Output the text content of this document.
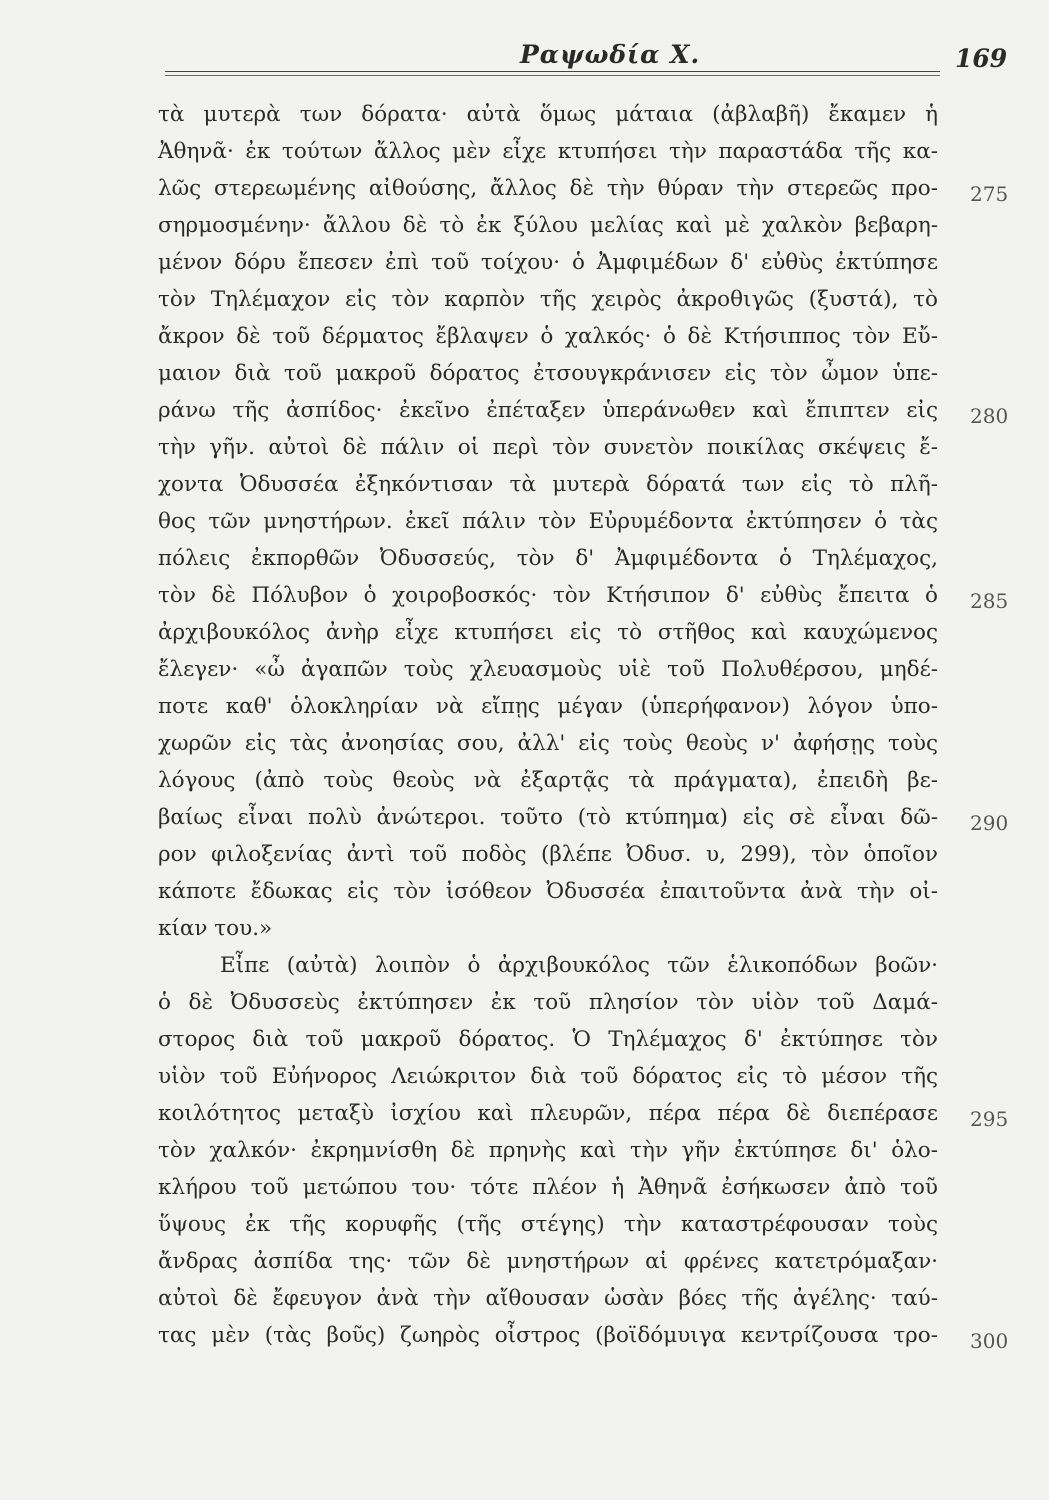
Ραψωδία Χ.	169
τὰ μυτερὰ των δόρατα· αὐτὰ ὅμως μάταια (ἀβλαβῆ) ἔκαμεν ἡ
Ἀθηνᾶ· ἐκ τούτων ἄλλος μὲν εἶχε κτυπήσει τὴν παραστάδα τῆς κα-
λῶς στερεωμένης αἰθούσης, ἄλλος δὲ τὴν θύραν τὴν στερεῶς προ-
σηρμοσμένην· ἄλλου δὲ τὸ ἐκ ξύλου μελίας καὶ μὲ χαλκὸν βεβαρη-
μένον δόρυ ἔπεσεν ἐπὶ τοῦ τοίχου· ὁ Ἀμφιμέδων δ' εὐθὺς ἐκτύπησε
τὸν Τηλέμαχον εἰς τὸν καρπὸν τῆς χειρὸς ἀκροθιγῶς (ξυστά), τὸ
ἄκρον δὲ τοῦ δέρματος ἔβλαψεν ὁ χαλκός· ὁ δὲ Κτήσιππος τὸν Εὔ-
μαιον διὰ τοῦ μακροῦ δόρατος ἐτσουγκράνισεν εἰς τὸν ὦμον ὑπε-
ράνω τῆς ἀσπίδος· ἐκεῖνο ἐπέταξεν ὑπεράνωθεν καὶ ἔπιπτεν εἰς
τὴν γῆν. αὐτοὶ δὲ πάλιν οἱ περὶ τὸν συνετὸν ποικίλας σκέψεις ἔ-
χοντα Ὀδυσσέα ἐξηκόντισαν τὰ μυτερὰ δόρατά των εἰς τὸ πλῆ-
θος τῶν μνηστήρων. ἐκεῖ πάλιν τὸν Εὐρυμέδοντα ἐκτύπησεν ὁ τὰς
πόλεις ἐκπορθῶν Ὀδυσσεύς, τὸν δ' Ἀμφιμέδοντα ὁ Τηλέμαχος,
τὸν δὲ Πόλυβον ὁ χοιροβοσκός· τὸν Κτήσιπον δ' εὐθὺς ἔπειτα ὁ
ἀρχιβουκόλος ἀνὴρ εἶχε κτυπήσει εἰς τὸ στῆθος καὶ καυχώμενος
ἔλεγεν· «ὦ ἀγαπῶν τοὺς χλευασμοὺς υἱὲ τοῦ Πολυθέρσου, μηδέ-
ποτε καθ' ὁλοκληρίαν νὰ εἴπῃς μέγαν (ὑπερήφανον) λόγον ὑπο-
χωρῶν εἰς τὰς ἀνοησίας σου, ἀλλ' εἰς τοὺς θεοὺς ν' ἀφήσῃς τοὺς
λόγους (ἀπὸ τοὺς θεοὺς νὰ ἐξαρτᾷς τὰ πράγματα), ἐπειδὴ βε-
βαίως εἶναι πολὺ ἀνώτεροι. τοῦτο (τὸ κτύπημα) εἰς σὲ εἶναι δῶ-
ρον φιλοξενίας ἀντὶ τοῦ ποδὸς (βλέπε Ὀδυσ. υ, 299), τὸν ὁποῖον
κάποτε ἔδωκας εἰς τὸν ἰσόθεον Ὀδυσσέα ἐπαιτοῦντα ἀνὰ τὴν οἰ-
κίαν του.»
Εἶπε (αὐτὰ) λοιπὸν ὁ ἀρχιβουκόλος τῶν ἑλικοπόδων βοῶν·
ὁ δὲ Ὀδυσσεὺς ἐκτύπησεν ἐκ τοῦ πλησίον τὸν υἱὸν τοῦ Δαμά-
στορος διὰ τοῦ μακροῦ δόρατος. Ὁ Τηλέμαχος δ' ἐκτύπησε τὸν
υἱὸν τοῦ Εὐήνορος Λειώκριτον διὰ τοῦ δόρατος εἰς τὸ μέσον τῆς
κοιλότητος μεταξὺ ἰσχίου καὶ πλευρῶν, πέρα πέρα δὲ διεπέρασε
τὸν χαλκόν· ἐκρημνίσθη δὲ πρηνὴς καὶ τὴν γῆν ἐκτύπησε δι' ὁλο-
κλήρου τοῦ μετώπου του· τότε πλέον ἡ Ἀθηνᾶ ἐσήκωσεν ἀπὸ τοῦ
ὕψους ἐκ τῆς κορυφῆς (τῆς στέγης) τὴν καταστρέφουσαν τοὺς
ἄνδρας ἀσπίδα της· τῶν δὲ μνηστήρων αἱ φρένες κατετρόμαξαν·
αὐτοὶ δὲ ἔφευγον ἀνὰ τὴν αἴθουσαν ὡσὰν βόες τῆς ἀγέλης· ταύ-
τας μὲν (τὰς βοῦς) ζωηρὸς οἶστρος (βοϊδόμυιγα κεντρίζουσα τρο-
275
280
285
290
295
300
